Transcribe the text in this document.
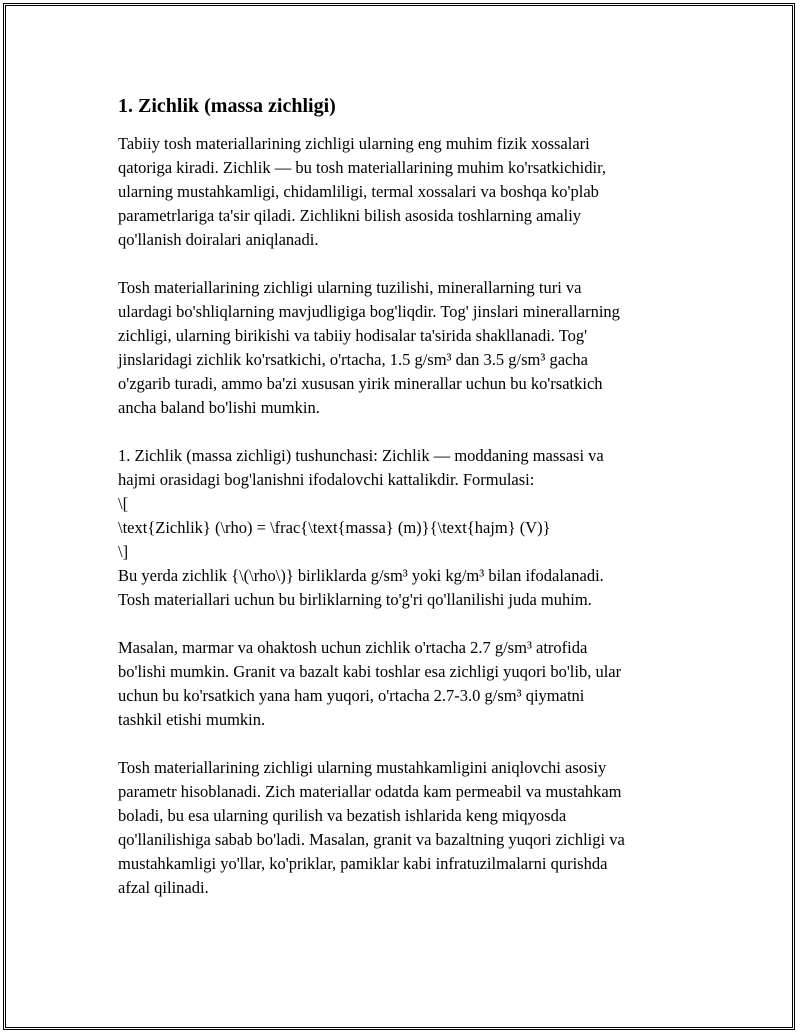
1. Zichlik (massa zichligi)
Tabiiy tosh materiallarining zichligi ularning eng muhim fizik xossalari
qatoriga kiradi. Zichlik — bu tosh materiallarining muhim ko'rsatkichidir,
ularning mustahkamligi, chidamliligi, termal xossalari va boshqa ko'plab
parametrlariga ta'sir qiladi. Zichlikni bilish asosida toshlarning amaliy
qo'llanish doiralari aniqlanadi.
Tosh materiallarining zichligi ularning tuzilishi, minerallarning turi va
ulardagi bo'shliqlarning mavjudligiga bog'liqdir. Tog' jinslari minerallarning
zichligi, ularning birikishi va tabiiy hodisalar ta'sirida shakllanadi. Tog'
jinslaridagi zichlik ko'rsatkichi, o'rtacha, 1.5 g/sm³ dan 3.5 g/sm³ gacha
o'zgarib turadi, ammo ba'zi xususan yirik minerallar uchun bu ko'rsatkich
ancha baland bo'lishi mumkin.
1. Zichlik (massa zichligi) tushunchasi: Zichlik — moddaning massasi va
hajmi orasidagi bog'lanishni ifodalovchi kattalikdir. Formulasi:
\[
\text{Zichlik} (\rho) = \frac{\text{massa} (m)}{\text{hajm} (V)}
\]
Bu yerda zichlik {\(\rho\)} birliklarda g/sm³ yoki kg/m³ bilan ifodalanadi.
Tosh materiallari uchun bu birliklarning to'g'ri qo'llanilishi juda muhim.
Masalan, marmar va ohaktosh uchun zichlik o'rtacha 2.7 g/sm³ atrofida
bo'lishi mumkin. Granit va bazalt kabi toshlar esa zichligi yuqori bo'lib, ular
uchun bu ko'rsatkich yana ham yuqori, o'rtacha 2.7-3.0 g/sm³ qiymatni
tashkil etishi mumkin.
Tosh materiallarining zichligi ularning mustahkamligini aniqlovchi asosiy
parametr hisoblanadi. Zich materiallar odatda kam permeabil va mustahkam
boladi, bu esa ularning qurilish va bezatish ishlarida keng miqyosda
qo'llanilishiga sabab bo'ladi. Masalan, granit va bazaltning yuqori zichligi va
mustahkamligi yo'llar, ko'priklar, pamiklar kabi infratuzilmalarni qurishda
afzal qilinadi.
